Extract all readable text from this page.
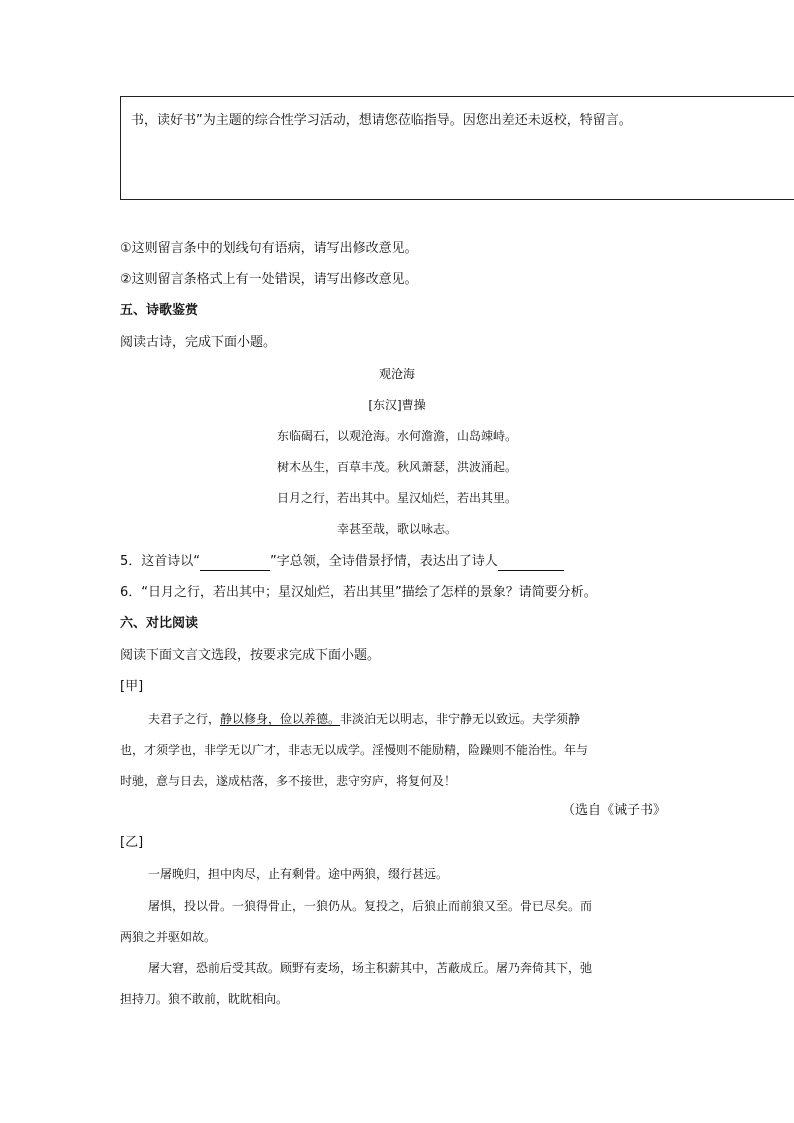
书，读好书”为主题的综合性学习活动，想请您莅临指导。因您出差还未返校，特留言。
①这则留言条中的划线句有语病，请写出修改意见。
②这则留言条格式上有一处错误，请写出修改意见。
五、诗歌鉴赏
阅读古诗，完成下面小题。
观沧海
[东汉]曹操
东临碣石，以观沧海。水何澹澹，山岛竦峙。
树木丛生，百草丰茂。秋风萧瑟，洪波涌起。
日月之行，若出其中。星汉灿烂，若出其里。
幸甚至哉，歌以咏志。
5．这首诗以“	”字总领，全诗借景抒情，表达出了诗人
6．“日月之行，若出其中；星汉灿烂，若出其里”描绘了怎样的景象？请简要分析。
六、对比阅读
阅读下面文言文选段，按要求完成下面小题。
[甲]
夫君子之行，静以修身，俭以养德。非淡泊无以明志，非宁静无以致远。夫学须静
也，才须学也，非学无以广才，非志无以成学。淫慢则不能励精，险躁则不能治性。年与
时驰，意与日去，遂成枯落，多不接世，悲守穷庐，将复何及！
（选自《诫子书》
[乙]
一屠晚归，担中肉尽，止有剩骨。途中两狼，缀行甚远。
屠惧，投以骨。一狼得骨止，一狼仍从。复投之，后狼止而前狼又至。骨已尽矣。而
两狼之并驱如故。
屠大窘，恐前后受其敌。顾野有麦场，场主积薪其中，苫蔽成丘。屠乃奔倚其下，弛
担持刀。狼不敢前，眈眈相向。
